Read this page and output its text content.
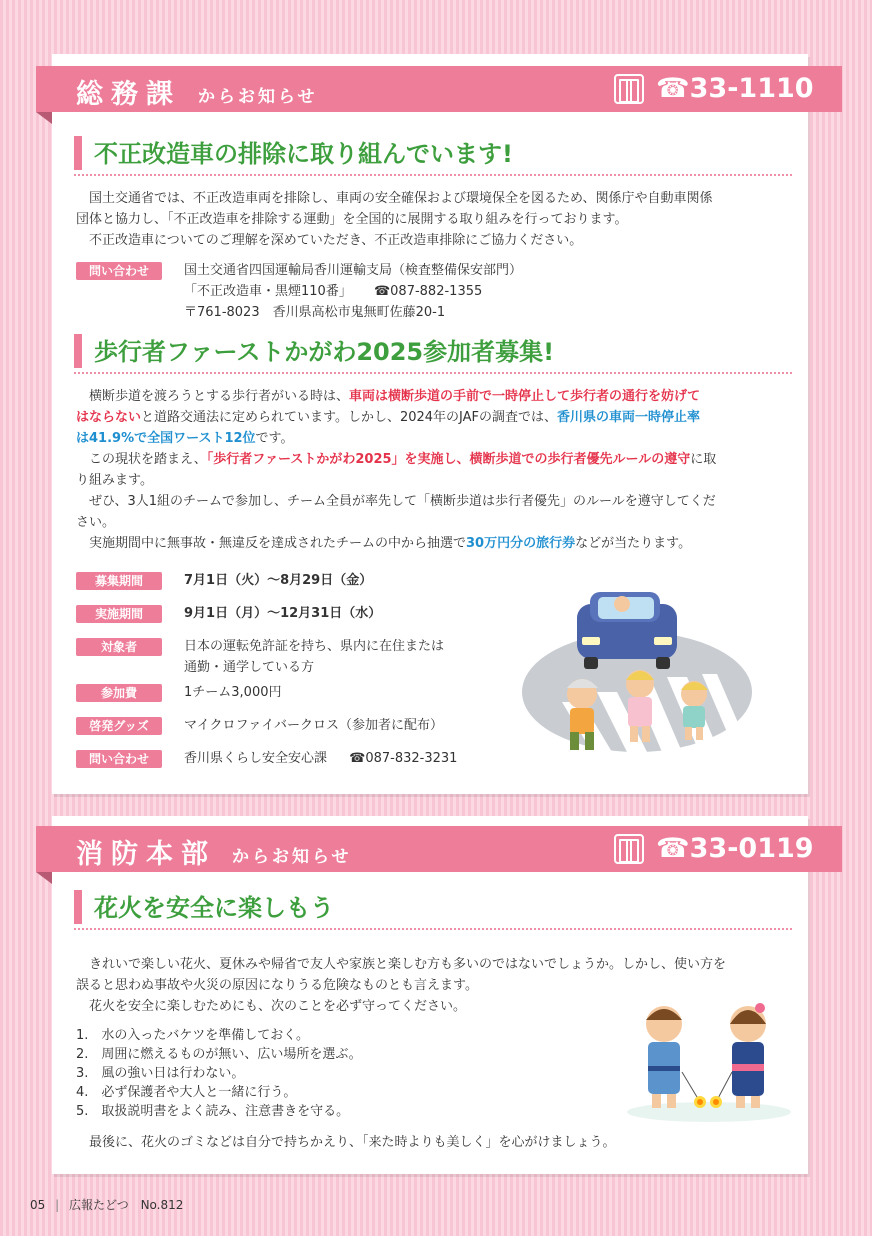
総務課 からお知らせ	☎33-1110
不正改造車の排除に取り組んでいます!
国土交通省では、不正改造車両を排除し、車両の安全確保および環境保全を図るため、関係庁や自動車関係
団体と協力し、「不正改造車を排除する運動」を全国的に展開する取り組みを行っております。
不正改造車についてのご理解を深めていただき、不正改造車排除にご協力ください。
問い合わせ	国土交通省四国運輸局香川運輸支局（検査整備保安部門）
「不正改造車・黒煙110番」 ☎087-882-1355
〒761-8023　香川県高松市鬼無町佐藤20-1
歩行者ファーストかがわ2025参加者募集!
横断歩道を渡ろうとする歩行者がいる時は、車両は横断歩道の手前で一時停止して歩行者の通行を妨げて
はならないと道路交通法に定められています。しかし、2024年のJAFの調査では、香川県の車両一時停止率
は41.9%で全国ワースト12位です。
この現状を踏まえ、「歩行者ファーストかがわ2025」を実施し、横断歩道での歩行者優先ルールの遵守に取
り組みます。
ぜひ、3人1組のチームで参加し、チーム全員が率先して「横断歩道は歩行者優先」のルールを遵守してくだ
さい。
実施期間中に無事故・無違反を達成されたチームの中から抽選で30万円分の旅行券などが当たります。
募集期間	7月1日（火）～8月29日（金）
実施期間	9月1日（月）～12月31日（水）
対象者	日本の運転免許証を持ち、県内に在住または
通勤・通学している方
参加費	1チーム3,000円
啓発グッズ	マイクロファイバークロス（参加者に配布）
問い合わせ	香川県くらし安全安心課 ☎087-832-3231
消防本部 からお知らせ	☎33-0119
花火を安全に楽しもう
きれいで楽しい花火、夏休みや帰省で友人や家族と楽しむ方も多いのではないでしょうか。しかし、使い方を
誤ると思わぬ事故や火災の原因になりうる危険なものとも言えます。
花火を安全に楽しむためにも、次のことを必ず守ってください。
1.　水の入ったバケツを準備しておく。
2.　周囲に燃えるものが無い、広い場所を選ぶ。
3.　風の強い日は行わない。
4.　必ず保護者や大人と一緒に行う。
5.　取扱説明書をよく読み、注意書きを守る。
最後に、花火のゴミなどは自分で持ちかえり、「来た時よりも美しく」を心がけましょう。
05 | 広報たどつ No.812
